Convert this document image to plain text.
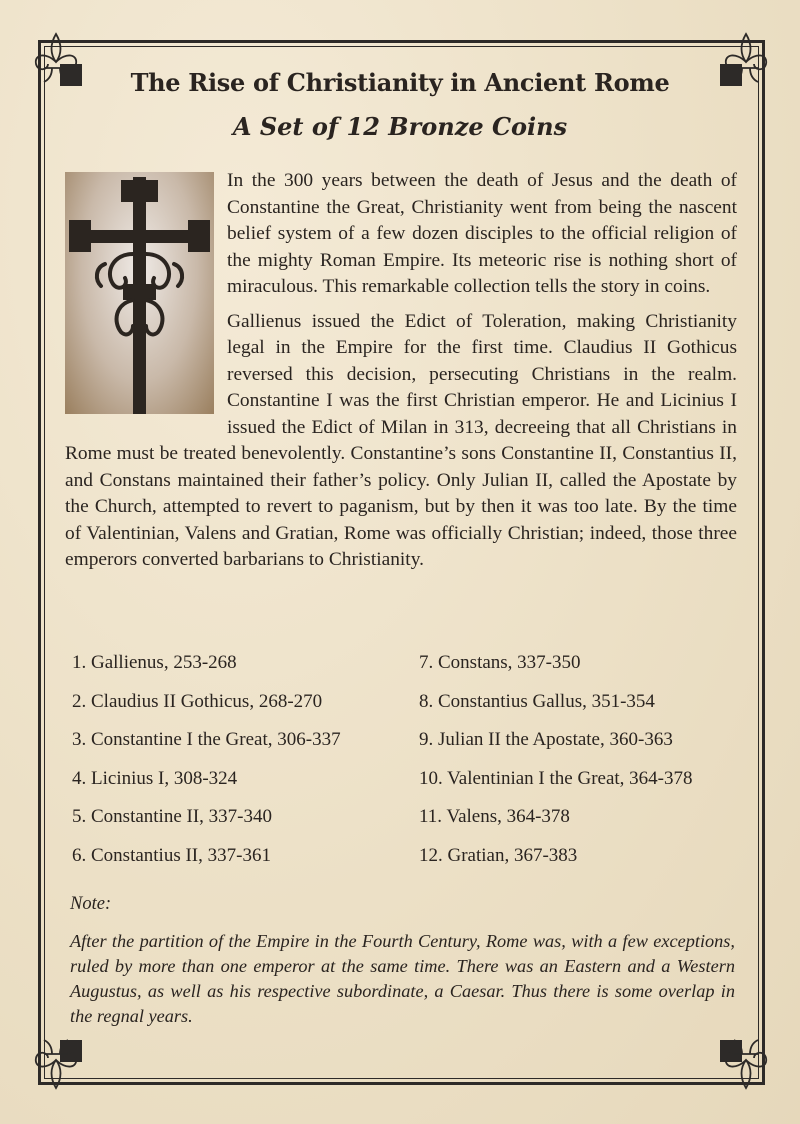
The Rise of Christianity in Ancient Rome
A Set of 12 Bronze Coins

In the 300 years between the death of Jesus and the death of Constantine the Great, Christianity went from being the nascent belief system of a few dozen disciples to the official religion of the mighty Roman Empire. Its meteoric rise is nothing short of miraculous. This remarkable collection tells the story in coins.

Gallienus issued the Edict of Toleration, making Christianity legal in the Empire for the first time. Claudius II Gothicus reversed this decision, persecuting Christians in the realm. Constantine I was the first Christian emperor. He and Licinius I issued the Edict of Milan in 313, decreeing that all Christians in Rome must be treated benevolently. Constantine’s sons Constantine II, Constantius II, and Constans maintained their father’s policy. Only Julian II, called the Apostate by the Church, attempted to revert to paganism, but by then it was too late. By the time of Valentinian, Valens and Gratian, Rome was officially Christian; indeed, those three emperors converted barbarians to Christianity.

1. Gallienus, 253-268
2. Claudius II Gothicus, 268-270
3. Constantine I the Great, 306-337
4. Licinius I, 308-324
5. Constantine II, 337-340
6. Constantius II, 337-361
7. Constans, 337-350
8. Constantius Gallus, 351-354
9. Julian II the Apostate, 360-363
10. Valentinian I the Great, 364-378
11. Valens, 364-378
12. Gratian, 367-383
Note:
After the partition of the Empire in the Fourth Century, Rome was, with a few exceptions, ruled by more than one emperor at the same time. There was an Eastern and a Western Augustus, as well as his respective subordinate, a Caesar. Thus there is some overlap in the regnal years.
